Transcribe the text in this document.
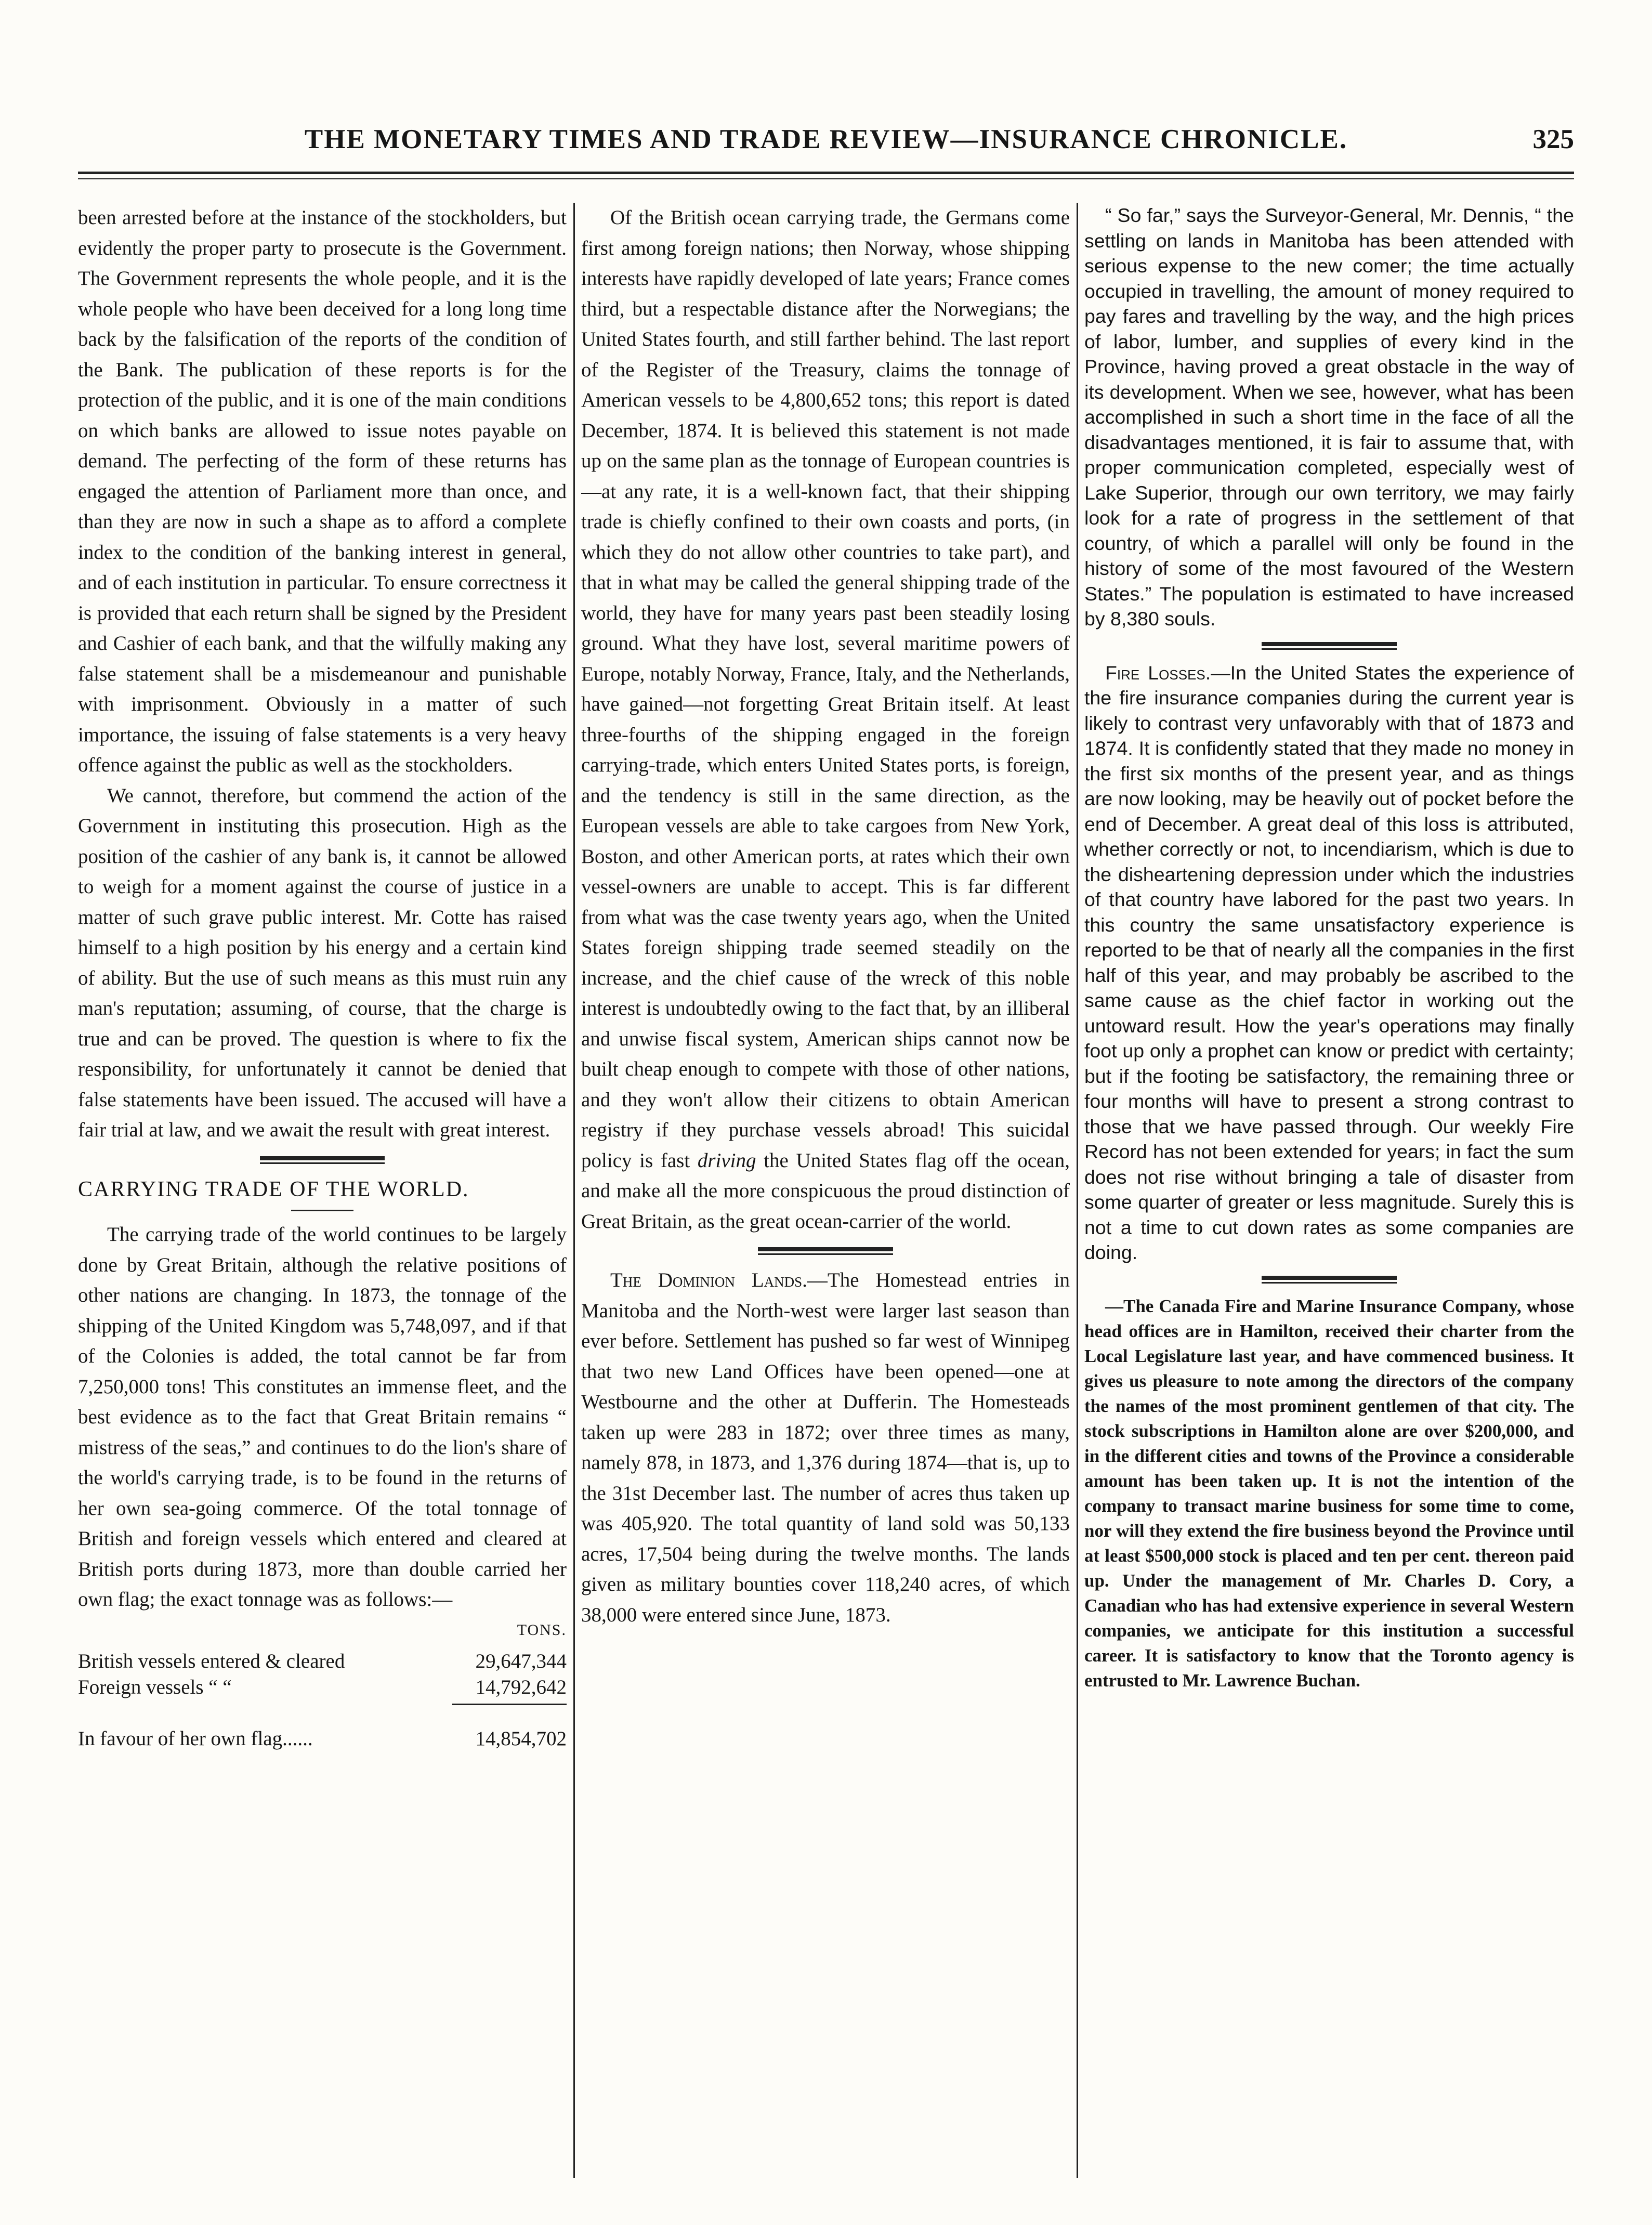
THE MONETARY TIMES AND TRADE REVIEW—INSURANCE CHRONICLE.	325

been arrested before at the instance of the stockholders, but evidently the proper party to prosecute is the Government. The Government represents the whole people, and it is the whole people who have been deceived for a long long time back by the falsification of the reports of the condition of the Bank. The publication of these reports is for the protection of the public, and it is one of the main conditions on which banks are allowed to issue notes payable on demand. The perfecting of the form of these returns has engaged the attention of Parliament more than once, and than they are now in such a shape as to afford a complete index to the condition of the banking interest in general, and of each institution in particular. To ensure correctness it is provided that each return shall be signed by the President and Cashier of each bank, and that the wilfully making any false statement shall be a misdemeanour and punishable with imprisonment. Obviously in a matter of such importance, the issuing of false statements is a very heavy offence against the public as well as the stockholders.

We cannot, therefore, but commend the action of the Government in instituting this prosecution. High as the position of the cashier of any bank is, it cannot be allowed to weigh for a moment against the course of justice in a matter of such grave public interest. Mr. Cotte has raised himself to a high position by his energy and a certain kind of ability. But the use of such means as this must ruin any man's reputation; assuming, of course, that the charge is true and can be proved. The question is where to fix the responsibility, for unfortunately it cannot be denied that false statements have been issued. The accused will have a fair trial at law, and we await the result with great interest.

CARRYING TRADE OF THE WORLD.

The carrying trade of the world continues to be largely done by Great Britain, although the relative positions of other nations are changing. In 1873, the tonnage of the shipping of the United Kingdom was 5,748,097, and if that of the Colonies is added, the total cannot be far from 7,250,000 tons! This constitutes an immense fleet, and the best evidence as to the fact that Great Britain remains “ mistress of the seas,” and continues to do the lion's share of the world's carrying trade, is to be found in the returns of her own sea-going commerce. Of the total tonnage of British and foreign vessels which entered and cleared at British ports during 1873, more than double carried her own flag; the exact tonnage was as follows:—

TONS.
British vessels entered & cleared	29,647,344
Foreign vessels “ “	14,792,642
In favour of her own flag......	14,854,702

Of the British ocean carrying trade, the Germans come first among foreign nations; then Norway, whose shipping interests have rapidly developed of late years; France comes third, but a respectable distance after the Norwegians; the United States fourth, and still farther behind. The last report of the Register of the Treasury, claims the tonnage of American vessels to be 4,800,652 tons; this report is dated December, 1874. It is believed this statement is not made up on the same plan as the tonnage of European countries is—at any rate, it is a well-known fact, that their shipping trade is chiefly confined to their own coasts and ports, (in which they do not allow other countries to take part), and that in what may be called the general shipping trade of the world, they have for many years past been steadily losing ground. What they have lost, several maritime powers of Europe, notably Norway, France, Italy, and the Netherlands, have gained—not forgetting Great Britain itself. At least three-fourths of the shipping engaged in the foreign carrying-trade, which enters United States ports, is foreign, and the tendency is still in the same direction, as the European vessels are able to take cargoes from New York, Boston, and other American ports, at rates which their own vessel-owners are unable to accept. This is far different from what was the case twenty years ago, when the United States foreign shipping trade seemed steadily on the increase, and the chief cause of the wreck of this noble interest is undoubtedly owing to the fact that, by an illiberal and unwise fiscal system, American ships cannot now be built cheap enough to compete with those of other nations, and they won't allow their citizens to obtain American registry if they purchase vessels abroad! This suicidal policy is fast driving the United States flag off the ocean, and make all the more conspicuous the proud distinction of Great Britain, as the great ocean-carrier of the world.

The Dominion Lands.—The Homestead entries in Manitoba and the North-west were larger last season than ever before. Settlement has pushed so far west of Winnipeg that two new Land Offices have been opened—one at Westbourne and the other at Dufferin. The Homesteads taken up were 283 in 1872; over three times as many, namely 878, in 1873, and 1,376 during 1874—that is, up to the 31st December last. The number of acres thus taken up was 405,920. The total quantity of land sold was 50,133 acres, 17,504 being during the twelve months. The lands given as military bounties cover 118,240 acres, of which 38,000 were entered since June, 1873.

“ So far,” says the Surveyor-General, Mr. Dennis, “ the settling on lands in Manitoba has been attended with serious expense to the new comer; the time actually occupied in travelling, the amount of money required to pay fares and travelling by the way, and the high prices of labor, lumber, and supplies of every kind in the Province, having proved a great obstacle in the way of its development. When we see, however, what has been accomplished in such a short time in the face of all the disadvantages mentioned, it is fair to assume that, with proper communication completed, especially west of Lake Superior, through our own territory, we may fairly look for a rate of progress in the settlement of that country, of which a parallel will only be found in the history of some of the most favoured of the Western States.” The population is estimated to have increased by 8,380 souls.

Fire Losses.—In the United States the experience of the fire insurance companies during the current year is likely to contrast very unfavorably with that of 1873 and 1874. It is confidently stated that they made no money in the first six months of the present year, and as things are now looking, may be heavily out of pocket before the end of December. A great deal of this loss is attributed, whether correctly or not, to incendiarism, which is due to the disheartening depression under which the industries of that country have labored for the past two years. In this country the same unsatisfactory experience is reported to be that of nearly all the companies in the first half of this year, and may probably be ascribed to the same cause as the chief factor in working out the untoward result. How the year's operations may finally foot up only a prophet can know or predict with certainty; but if the footing be satisfactory, the remaining three or four months will have to present a strong contrast to those that we have passed through. Our weekly Fire Record has not been extended for years; in fact the sum does not rise without bringing a tale of disaster from some quarter of greater or less magnitude. Surely this is not a time to cut down rates as some companies are doing.

—The Canada Fire and Marine Insurance Company, whose head offices are in Hamilton, received their charter from the Local Legislature last year, and have commenced business. It gives us pleasure to note among the directors of the company the names of the most prominent gentlemen of that city. The stock subscriptions in Hamilton alone are over $200,000, and in the different cities and towns of the Province a considerable amount has been taken up. It is not the intention of the company to transact marine business for some time to come, nor will they extend the fire business beyond the Province until at least $500,000 stock is placed and ten per cent. thereon paid up. Under the management of Mr. Charles D. Cory, a Canadian who has had extensive experience in several Western companies, we anticipate for this institution a successful career. It is satisfactory to know that the Toronto agency is entrusted to Mr. Lawrence Buchan.
